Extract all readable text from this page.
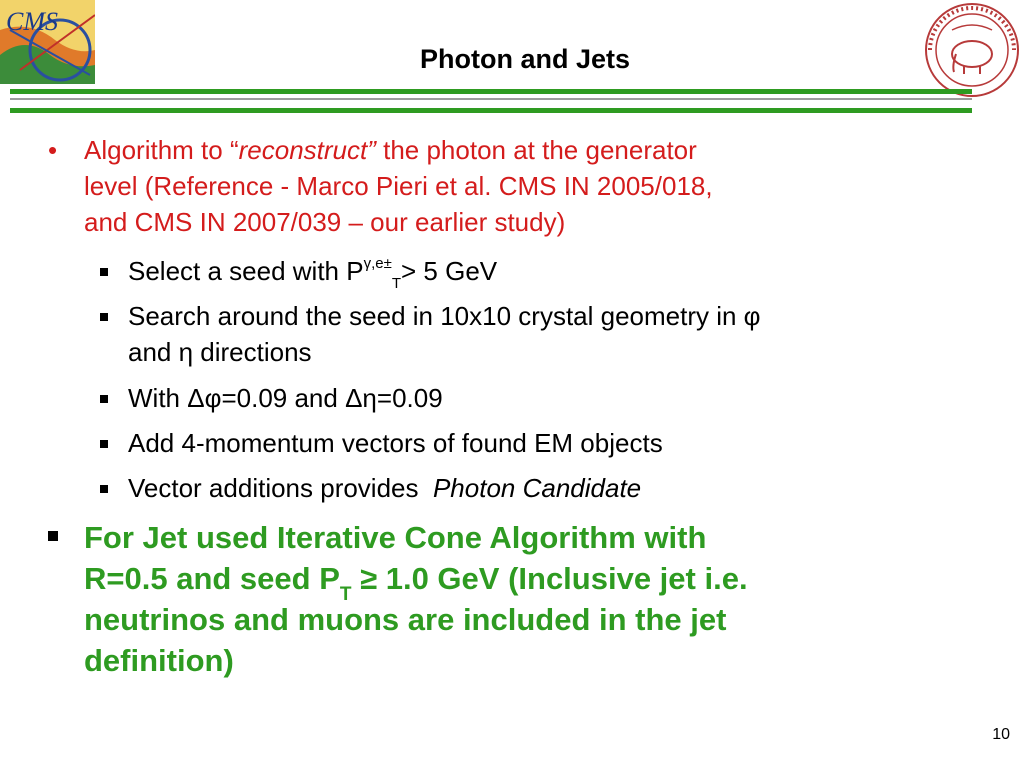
CMS
Photon and Jets
• Algorithm to “reconstruct” the photon at the generator
level (Reference - Marco Pieri et al. CMS IN 2005/018,
and CMS IN 2007/039 – our earlier study)
Select a seed with $P^{\gamma,e\pm}_T> 5$ GeV
Search around the seed in 10x10 crystal geometry in φ
and η directions
With Δφ=0.09 and Δη=0.09
Add 4-momentum vectors of found EM objects
Vector additions provides  Photon Candidate
For Jet used Iterative Cone Algorithm with
R=0.5 and seed $P_T \ge 1.0$ GeV (Inclusive jet i.e.
neutrinos and muons are included in the jet
definition)
10
